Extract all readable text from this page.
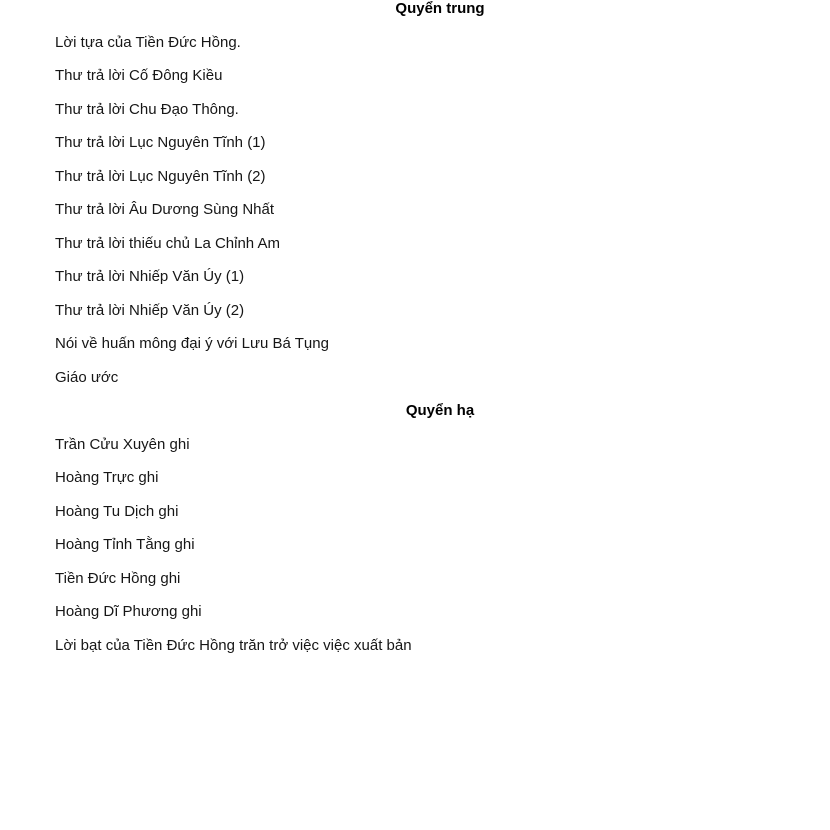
Quyển trung

Lời tựa của Tiền Đức Hồng.

Thư trả lời Cố Đông Kiều

Thư trả lời Chu Đạo Thông.

Thư trả lời Lục Nguyên Tĩnh (1)

Thư trả lời Lục Nguyên Tĩnh (2)

Thư trả lời Âu Dương Sùng Nhất

Thư trả lời thiếu chủ La Chỉnh Am

Thư trả lời Nhiếp Văn Úy (1)

Thư trả lời Nhiếp Văn Úy (2)

Nói về huấn mông đại ý với Lưu Bá Tụng

Giáo ước

Quyển hạ

Trần Cửu Xuyên ghi

Hoàng Trực ghi

Hoàng Tu Dịch ghi

Hoàng Tỉnh Tằng ghi

Tiền Đức Hồng ghi

Hoàng Dĩ Phương ghi

Lời bạt của Tiền Đức Hồng trăn trở việc việc xuất bản
